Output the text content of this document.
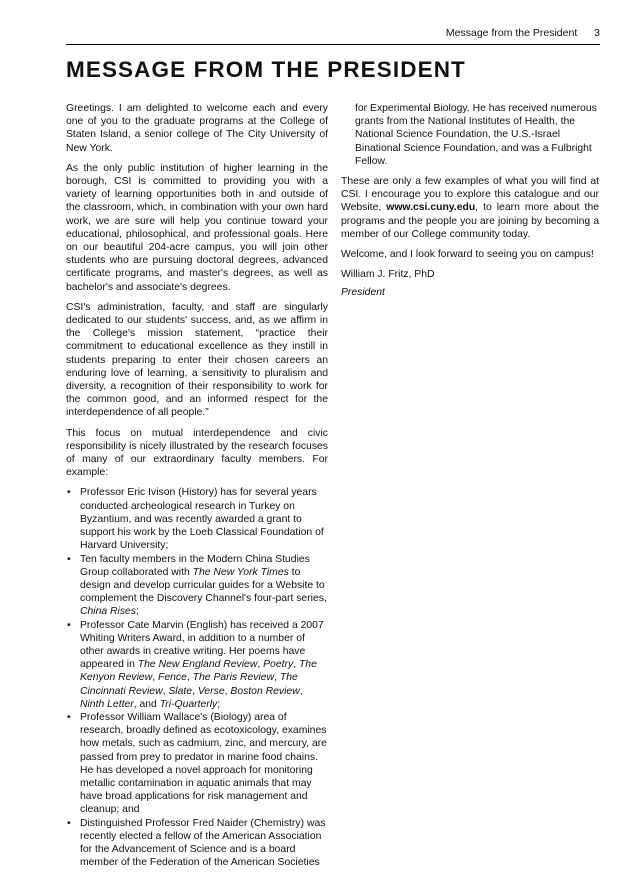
Message from the President 3
MESSAGE FROM THE PRESIDENT

Greetings. I am delighted to welcome each and every one of you to the graduate programs at the College of Staten Island, a senior college of The City University of New York.

As the only public institution of higher learning in the borough, CSI is committed to providing you with a variety of learning opportunities both in and outside of the classroom, which, in combination with your own hard work, we are sure will help you continue toward your educational, philosophical, and professional goals. Here on our beautiful 204-acre campus, you will join other students who are pursuing doctoral degrees, advanced certificate programs, and master's degrees, as well as bachelor's and associate's degrees.

CSI's administration, faculty, and staff are singularly dedicated to our students' success, and, as we affirm in the College's mission statement, “practice their commitment to educational excellence as they instill in students preparing to enter their chosen careers an enduring love of learning, a sensitivity to pluralism and diversity, a recognition of their responsibility to work for the common good, and an informed respect for the interdependence of all people.”

This focus on mutual interdependence and civic responsibility is nicely illustrated by the research focuses of many of our extraordinary faculty members. For example:

• Professor Eric Ivison (History) has for several years conducted archeological research in Turkey on Byzantium, and was recently awarded a grant to support his work by the Loeb Classical Foundation of Harvard University;
• Ten faculty members in the Modern China Studies Group collaborated with The New York Times to design and develop curricular guides for a Website to complement the Discovery Channel's four-part series, China Rises;
• Professor Cate Marvin (English) has received a 2007 Whiting Writers Award, in addition to a number of other awards in creative writing. Her poems have appeared in The New England Review, Poetry, The Kenyon Review, Fence, The Paris Review, The Cincinnati Review, Slate, Verse, Boston Review, Ninth Letter, and Tri-Quarterly;
• Professor William Wallace's (Biology) area of research, broadly defined as ecotoxicology, examines how metals, such as cadmium, zinc, and mercury, are passed from prey to predator in marine food chains. He has developed a novel approach for monitoring metallic contamination in aquatic animals that may have broad applications for risk management and cleanup; and
• Distinguished Professor Fred Naider (Chemistry) was recently elected a fellow of the American Association for the Advancement of Science and is a board member of the Federation of the American Societies

for Experimental Biology. He has received numerous grants from the National Institutes of Health, the National Science Foundation, the U.S.-Israel Binational Science Foundation, and was a Fulbright Fellow.

These are only a few examples of what you will find at CSI. I encourage you to explore this catalogue and our Website, www.csi.cuny.edu, to learn more about the programs and the people you are joining by becoming a member of our College community today.

Welcome, and I look forward to seeing you on campus!

William J. Fritz, PhD

President
